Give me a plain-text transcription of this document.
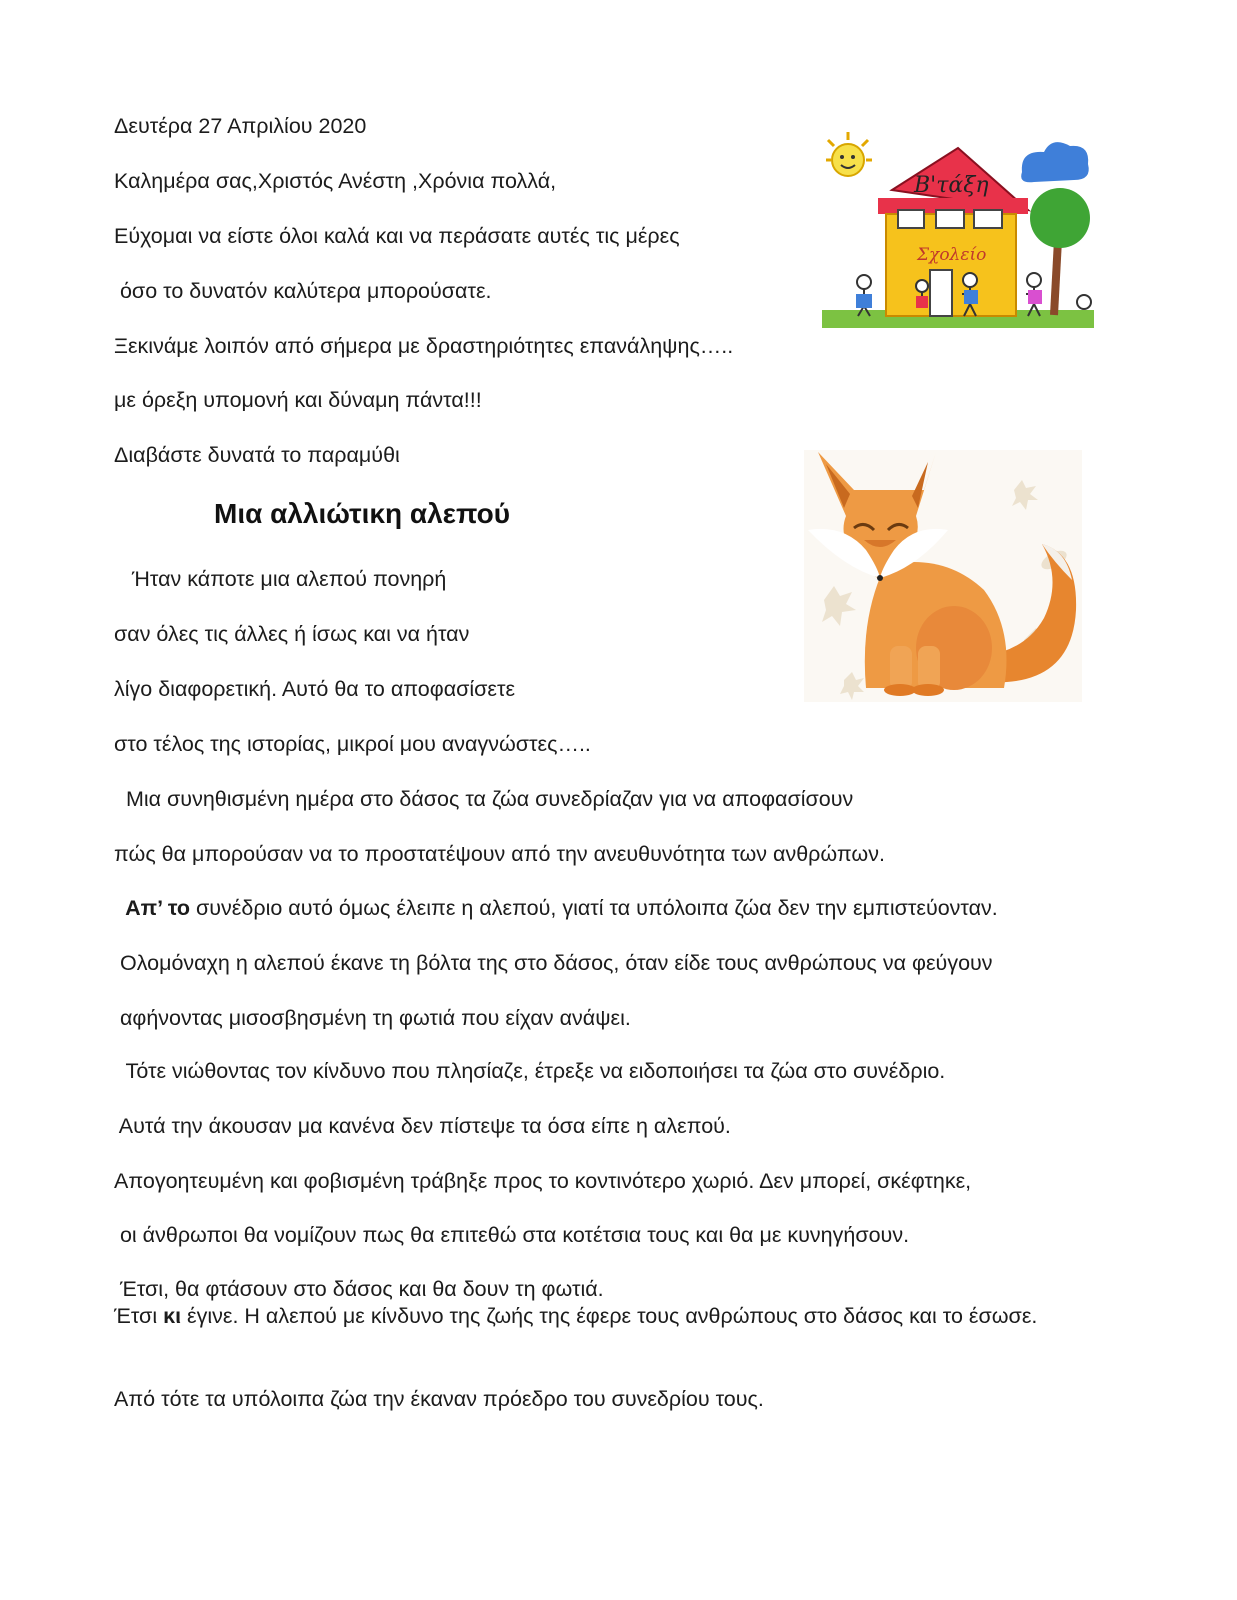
Δευτέρα 27 Απριλίου 2020
Καλημέρα σας,Χριστός Ανέστη ,Χρόνια πολλά,
Εύχομαι να είστε όλοι καλά και να περάσατε αυτές τις μέρες
όσο το δυνατόν καλύτερα μπορούσατε.
Ξεκινάμε λοιπόν από σήμερα με δραστηριότητες επανάληψης…..
με όρεξη υπομονή και δύναμη πάντα!!!
Διαβάστε δυνατά το παραμύθι
Β'τάξη
Σχολείο
Μια αλλιώτικη αλεπού
Ήταν κάποτε μια αλεπού πονηρή
σαν όλες τις άλλες ή ίσως και να ήταν
λίγο διαφορετική. Αυτό θα το αποφασίσετε
στο τέλος της ιστορίας, μικροί μου αναγνώστες…..
Μια συνηθισμένη ημέρα στο δάσος τα ζώα συνεδρίαζαν για να αποφασίσουν
πώς θα μπορούσαν να το προστατέψουν από την ανευθυνότητα των ανθρώπων.
Απ’ το συνέδριο αυτό όμως έλειπε η αλεπού, γιατί τα υπόλοιπα ζώα δεν την εμπιστεύονταν.
Ολομόναχη η αλεπού έκανε τη βόλτα της στο δάσος, όταν είδε τους ανθρώπους να φεύγουν
αφήνοντας μισοσβησμένη τη φωτιά που είχαν ανάψει.
Τότε νιώθοντας τον κίνδυνο που πλησίαζε, έτρεξε να ειδοποιήσει τα ζώα στο συνέδριο.
Αυτά την άκουσαν μα κανένα δεν πίστεψε τα όσα είπε η αλεπού.
Απογοητευμένη και φοβισμένη τράβηξε προς το κοντινότερο χωριό. Δεν μπορεί, σκέφτηκε,
οι άνθρωποι θα νομίζουν πως θα επιτεθώ στα κοτέτσια τους και θα με κυνηγήσουν.
Έτσι, θα φτάσουν στο δάσος και θα δουν τη φωτιά.
Έτσι κι έγινε. Η αλεπού με κίνδυνο της ζωής της έφερε τους ανθρώπους στο δάσος και το έσωσε.
Από τότε τα υπόλοιπα ζώα την έκαναν πρόεδρο του συνεδρίου τους.
